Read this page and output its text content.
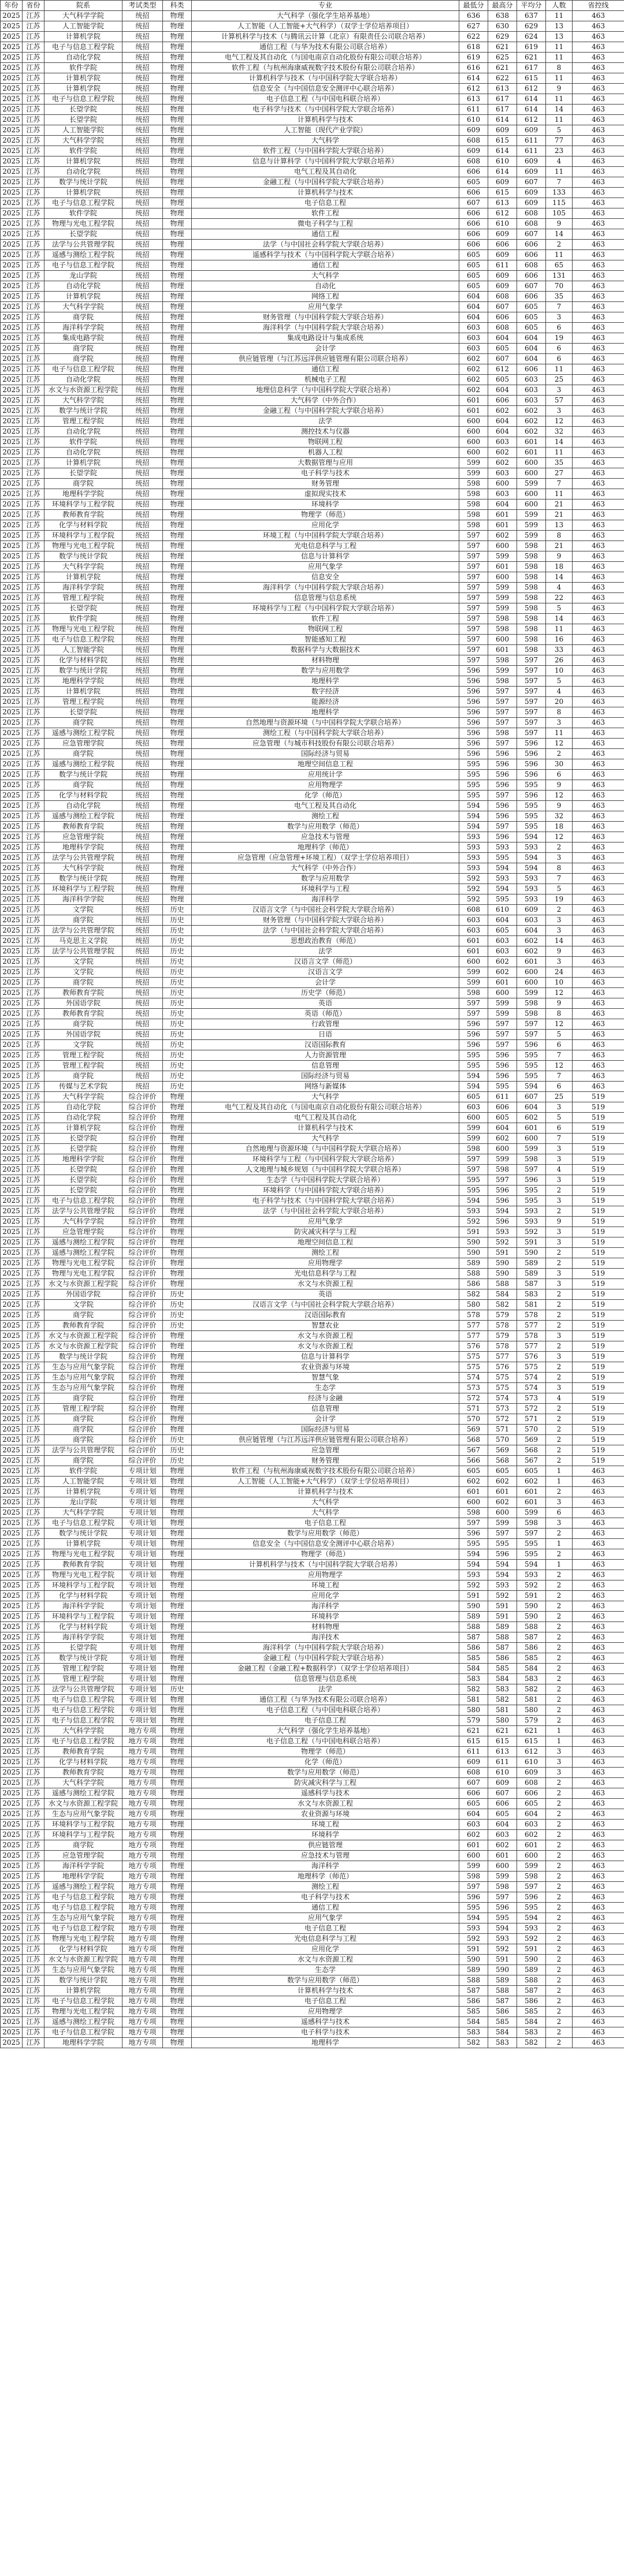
年份	省份	院系	考试类型	科类	专业	最低分	最高分	平均分	人数	省控线
2025	江苏	大气科学学院	统招	物理	大气科学（强化学生培养基地）	636	638	637	11	463
2025	江苏	人工智能学院	统招	物理	人工智能（人工智能+大气科学）（双学士学位培养项目）	627	630	629	13	463
2025	江苏	计算机学院	统招	物理	计算机科学与技术（与腾讯云计算（北京）有限责任公司联合培养）	622	629	624	13	463
2025	江苏	电子与信息工程学院	统招	物理	通信工程（与华为技术有限公司联合培养）	618	621	619	11	463
2025	江苏	自动化学院	统招	物理	电气工程及其自动化（与国电南京自动化股份有限公司联合培养）	619	625	621	11	463
2025	江苏	软件学院	统招	物理	软件工程（与杭州海康威视数字技术股份有限公司联合培养）	616	621	617	8	463
2025	江苏	计算机学院	统招	物理	计算机科学与技术（与中国科学院大学联合培养）	614	622	615	11	463
2025	江苏	计算机学院	统招	物理	信息安全（与中国信息安全测评中心联合培养）	612	613	612	9	463
2025	江苏	电子与信息工程学院	统招	物理	电子信息工程（与中国电科联合培养）	613	617	614	11	463
2025	江苏	长望学院	统招	物理	电子科学与技术（与中国科学院大学联合培养）	611	617	614	14	463
2025	江苏	长望学院	统招	物理	计算机科学与技术	610	614	612	11	463
2025	江苏	人工智能学院	统招	物理	人工智能（现代产业学院）	609	609	609	5	463
2025	江苏	大气科学学院	统招	物理	大气科学	608	615	611	77	463
2025	江苏	软件学院	统招	物理	软件工程（与中国科学院大学联合培养）	609	614	611	23	463
2025	江苏	计算机学院	统招	物理	信息与计算科学（与中国科学院大学联合培养）	608	610	609	4	463
2025	江苏	自动化学院	统招	物理	电气工程及其自动化	606	614	609	11	463
2025	江苏	数学与统计学院	统招	物理	金融工程（与中国科学院大学联合培养）	605	609	607	7	463
2025	江苏	计算机学院	统招	物理	计算机科学与技术	606	615	609	133	463
2025	江苏	电子与信息工程学院	统招	物理	电子信息工程	607	613	609	115	463
2025	江苏	软件学院	统招	物理	软件工程	606	612	608	105	463
2025	江苏	物理与光电工程学院	统招	物理	微电子科学与工程	606	610	608	9	463
2025	江苏	长望学院	统招	物理	通信工程	606	609	607	14	463
2025	江苏	法学与公共管理学院	统招	物理	法学（与中国社会科学院大学联合培养）	606	606	606	2	463
2025	江苏	遥感与测绘工程学院	统招	物理	遥感科学与技术（与中国科学院大学联合培养）	605	609	606	11	463
2025	江苏	电子与信息工程学院	统招	物理	通信工程	605	611	608	65	463
2025	江苏	龙山学院	统招	物理	大气科学	605	609	606	131	463
2025	江苏	自动化学院	统招	物理	自动化	605	609	607	70	463
2025	江苏	计算机学院	统招	物理	网络工程	604	608	606	35	463
2025	江苏	大气科学学院	统招	物理	应用气象学	604	607	605	7	463
2025	江苏	商学院	统招	物理	财务管理（与中国科学院大学联合培养）	604	606	605	3	463
2025	江苏	海洋科学学院	统招	物理	海洋科学（与中国科学院大学联合培养）	603	608	605	6	463
2025	江苏	集成电路学院	统招	物理	集成电路设计与集成系统	603	604	604	19	463
2025	江苏	商学院	统招	物理	会计学	603	605	604	6	463
2025	江苏	商学院	统招	物理	供应链管理（与江苏远洋供应链管理有限公司联合培养）	602	607	604	6	463
2025	江苏	电子与信息工程学院	统招	物理	通信工程	602	612	606	11	463
2025	江苏	自动化学院	统招	物理	机械电子工程	602	605	603	25	463
2025	江苏	水文与水资源工程学院	统招	物理	地理信息科学（与中国科学院大学联合培养）	602	604	603	3	463
2025	江苏	大气科学学院	统招	物理	大气科学（中外合作）	601	606	603	57	463
2025	江苏	数学与统计学院	统招	物理	金融工程（与中国科学院大学联合培养）	601	602	602	3	463
2025	江苏	管理工程学院	统招	物理	法学	600	604	602	12	463
2025	江苏	自动化学院	统招	物理	测控技术与仪器	600	604	602	32	463
2025	江苏	软件学院	统招	物理	物联网工程	600	603	601	14	463
2025	江苏	自动化学院	统招	物理	机器人工程	600	602	601	11	463
2025	江苏	计算机学院	统招	物理	大数据管理与应用	599	602	600	35	463
2025	江苏	长望学院	统招	物理	电子科学与技术	599	603	600	27	463
2025	江苏	商学院	统招	物理	财务管理	598	600	599	7	463
2025	江苏	地理科学学院	统招	物理	虚拟现实技术	598	603	600	11	463
2025	江苏	环境科学与工程学院	统招	物理	环境科学	598	604	600	21	463
2025	江苏	教师教育学院	统招	物理	物理学（师范）	598	601	599	21	463
2025	江苏	化学与材料学院	统招	物理	应用化学	598	601	599	13	463
2025	江苏	环境科学与工程学院	统招	物理	环境工程（与中国科学院大学联合培养）	597	602	599	8	463
2025	江苏	物理与光电工程学院	统招	物理	光电信息科学与工程	597	600	598	21	463
2025	江苏	数学与统计学院	统招	物理	信息与计算科学	597	599	598	9	463
2025	江苏	大气科学学院	统招	物理	应用气象学	597	601	598	18	463
2025	江苏	计算机学院	统招	物理	信息安全	597	600	598	14	463
2025	江苏	海洋科学学院	统招	物理	海洋科学（与中国科学院大学联合培养）	597	599	598	4	463
2025	江苏	管理工程学院	统招	物理	信息管理与信息系统	597	599	598	22	463
2025	江苏	长望学院	统招	物理	环境科学与工程（与中国科学院大学联合培养）	597	599	598	5	463
2025	江苏	软件学院	统招	物理	软件工程	597	598	598	14	463
2025	江苏	物理与光电工程学院	统招	物理	物联网工程	597	598	598	11	463
2025	江苏	电子与信息工程学院	统招	物理	智能感知工程	597	600	598	16	463
2025	江苏	人工智能学院	统招	物理	数据科学与大数据技术	597	601	598	33	463
2025	江苏	化学与材料学院	统招	物理	材料物理	597	598	597	26	463
2025	江苏	数学与统计学院	统招	物理	数学与应用数学	596	599	597	10	463
2025	江苏	地理科学学院	统招	物理	地理科学	596	598	597	5	463
2025	江苏	计算机学院	统招	物理	数字经济	596	597	597	4	463
2025	江苏	管理工程学院	统招	物理	能源经济	596	597	597	20	463
2025	江苏	长望学院	统招	物理	地理科学	596	597	597	8	463
2025	江苏	商学院	统招	物理	自然地理与资源环境（与中国科学院大学联合培养）	596	597	597	3	463
2025	江苏	遥感与测绘工程学院	统招	物理	测绘工程（与中国科学院大学联合培养）	596	598	597	11	463
2025	江苏	应急管理学院	统招	物理	应急管理（与城市科技股份有限公司联合培养）	596	597	596	12	463
2025	江苏	商学院	统招	物理	国际经济与贸易	596	596	596	2	463
2025	江苏	遥感与测绘工程学院	统招	物理	地理空间信息工程	595	596	596	30	463
2025	江苏	数学与统计学院	统招	物理	应用统计学	595	596	596	6	463
2025	江苏	商学院	统招	物理	应用物理学	595	596	595	9	463
2025	江苏	化学与材料学院	统招	物理	化学（师范）	595	597	596	12	463
2025	江苏	自动化学院	统招	物理	电气工程及其自动化	594	596	595	9	463
2025	江苏	遥感与测绘工程学院	统招	物理	测绘工程	594	596	595	32	463
2025	江苏	教师教育学院	统招	物理	数学与应用数学（师范）	594	597	595	18	463
2025	江苏	应急管理学院	统招	物理	应急技术与管理	593	596	594	12	463
2025	江苏	地理科学学院	统招	物理	地理科学（师范）	593	593	593	2	463
2025	江苏	法学与公共管理学院	统招	物理	应急管理（应急管理+环境工程）（双学士学位培养项目）	593	595	594	3	463
2025	江苏	大气科学学院	统招	物理	大气科学（中外合作）	593	594	594	8	463
2025	江苏	数学与统计学院	统招	物理	数学与应用数学	592	593	593	7	463
2025	江苏	环境科学与工程学院	统招	物理	环境科学与工程	592	594	593	5	463
2025	江苏	海洋科学学院	统招	物理	海洋科学	592	595	593	19	463
2025	江苏	文学院	统招	历史	汉语言文学（与中国社会科学院大学联合培养）	608	610	609	2	463
2025	江苏	商学院	统招	历史	财务管理（与中国科学院大学联合培养）	603	604	603	3	463
2025	江苏	法学与公共管理学院	统招	历史	法学（与中国社会科学院大学联合培养）	603	605	604	3	463
2025	江苏	马克思主义学院	统招	历史	思想政治教育（师范）	601	603	602	14	463
2025	江苏	法学与公共管理学院	统招	历史	法学	601	603	602	9	463
2025	江苏	文学院	统招	历史	汉语言文学（师范）	600	602	601	3	463
2025	江苏	文学院	统招	历史	汉语言文学	599	602	600	24	463
2025	江苏	商学院	统招	历史	会计学	599	601	600	10	463
2025	江苏	教师教育学院	统招	历史	历史学（师范）	598	600	599	12	463
2025	江苏	外国语学院	统招	历史	英语	597	599	598	9	463
2025	江苏	教师教育学院	统招	历史	英语（师范）	597	599	598	8	463
2025	江苏	商学院	统招	历史	行政管理	596	597	597	12	463
2025	江苏	外国语学院	统招	历史	日语	596	597	597	5	463
2025	江苏	文学院	统招	历史	汉语国际教育	596	597	596	6	463
2025	江苏	管理工程学院	统招	历史	人力资源管理	595	596	595	7	463
2025	江苏	管理工程学院	统招	历史	信息管理	595	596	595	12	463
2025	江苏	商学院	统招	历史	国际经济与贸易	594	596	595	7	463
2025	江苏	传媒与艺术学院	统招	历史	网络与新媒体	594	595	594	6	463
2025	江苏	大气科学学院	综合评价	物理	大气科学	605	611	607	25	519
2025	江苏	自动化学院	综合评价	物理	电气工程及其自动化（与国电南京自动化股份有限公司联合培养）	603	606	604	3	519
2025	江苏	自动化学院	综合评价	物理	电气工程及其自动化	600	605	602	5	519
2025	江苏	计算机学院	综合评价	物理	计算机科学与技术	599	604	601	6	519
2025	江苏	长望学院	综合评价	物理	大气科学	599	602	600	7	519
2025	江苏	长望学院	综合评价	物理	自然地理与资源环境（与中国科学院大学联合培养）	598	600	599	3	519
2025	江苏	地理科学学院	综合评价	物理	环境科学与工程（与中国科学院大学联合培养）	597	599	598	3	519
2025	江苏	长望学院	综合评价	物理	人文地理与城乡规划（与中国科学院大学联合培养）	597	598	597	4	519
2025	江苏	长望学院	综合评价	物理	生态学（与中国科学院大学联合培养）	595	597	596	3	519
2025	江苏	长望学院	综合评价	物理	环境科学（与中国科学院大学联合培养）	595	596	595	2	519
2025	江苏	电子与信息工程学院	综合评价	物理	电子科学与技术（与中国科学院大学联合培养）	594	596	595	3	519
2025	江苏	法学与公共管理学院	综合评价	物理	法学（与中国社会科学院大学联合培养）	593	594	593	2	519
2025	江苏	大气科学学院	综合评价	物理	应用气象学	592	596	593	9	519
2025	江苏	应急管理学院	综合评价	物理	防灾减灾科学与工程	591	593	592	3	519
2025	江苏	遥感与测绘工程学院	综合评价	物理	地理空间信息工程	590	592	591	3	519
2025	江苏	遥感与测绘工程学院	综合评价	物理	测绘工程	590	591	590	2	519
2025	江苏	物理与光电工程学院	综合评价	物理	应用物理学	589	590	589	2	519
2025	江苏	物理与光电工程学院	综合评价	物理	光电信息科学与工程	588	590	589	3	519
2025	江苏	水文与水资源工程学院	综合评价	物理	水文与水资源工程	586	588	587	3	519
2025	江苏	外国语学院	综合评价	历史	英语	582	584	583	2	519
2025	江苏	文学院	综合评价	历史	汉语言文学（与中国社会科学院大学联合培养）	580	582	581	2	519
2025	江苏	商学院	综合评价	历史	汉语国际教育	578	579	578	2	519
2025	江苏	教师教育学院	综合评价	历史	智慧农业	577	578	577	2	519
2025	江苏	水文与水资源工程学院	综合评价	物理	水文与水资源工程	577	579	578	3	519
2025	江苏	水文与水资源工程学院	综合评价	物理	水文与水资源工程	576	578	577	2	519
2025	江苏	数学与统计学院	综合评价	物理	信息与计算科学	575	577	576	3	519
2025	江苏	生态与应用气象学院	综合评价	物理	农业资源与环境	575	576	575	2	519
2025	江苏	生态与应用气象学院	综合评价	物理	智慧气象	574	575	574	2	519
2025	江苏	生态与应用气象学院	综合评价	物理	生态学	573	575	574	3	519
2025	江苏	商学院	综合评价	物理	经济与金融	572	574	573	4	519
2025	江苏	管理工程学院	综合评价	物理	信息管理	571	573	572	2	519
2025	江苏	商学院	综合评价	物理	会计学	570	572	571	2	519
2025	江苏	商学院	综合评价	物理	国际经济与贸易	569	571	570	2	519
2025	江苏	商学院	综合评价	历史	供应链管理（与江苏远洋供应链管理有限公司联合培养）	568	570	569	2	519
2025	江苏	法学与公共管理学院	综合评价	历史	应急管理	567	569	568	2	519
2025	江苏	商学院	综合评价	历史	财务管理	566	568	567	2	519
2025	江苏	软件学院	专项计划	物理	软件工程（与杭州海康威视数字技术股份有限公司联合培养）	605	605	605	1	463
2025	江苏	人工智能学院	专项计划	物理	人工智能（人工智能+大气科学）（双学士学位培养项目）	602	602	602	1	463
2025	江苏	计算机学院	专项计划	物理	计算机科学与技术	601	601	601	2	463
2025	江苏	龙山学院	专项计划	物理	大气科学	600	602	601	3	463
2025	江苏	大气科学学院	专项计划	物理	大气科学	598	600	599	6	463
2025	江苏	电子与信息工程学院	专项计划	物理	电子信息工程	597	599	598	3	463
2025	江苏	数学与统计学院	专项计划	物理	数学与应用数学（师范）	596	597	597	2	463
2025	江苏	计算机学院	专项计划	物理	信息安全（与中国信息安全测评中心联合培养）	595	595	595	1	463
2025	江苏	物理与光电工程学院	专项计划	物理	物理学（师范）	594	596	595	2	463
2025	江苏	教师教育学院	专项计划	物理	计算机科学与技术（与中国科学院大学联合培养）	594	594	594	1	463
2025	江苏	物理与光电工程学院	专项计划	物理	应用物理学	593	594	593	2	463
2025	江苏	环境科学与工程学院	专项计划	物理	环境工程	592	593	592	2	463
2025	江苏	化学与材料学院	专项计划	物理	应用化学	591	592	591	2	463
2025	江苏	海洋科学学院	专项计划	物理	海洋科学	590	591	590	2	463
2025	江苏	环境科学与工程学院	专项计划	物理	环境科学	589	591	590	2	463
2025	江苏	化学与材料学院	专项计划	物理	材料物理	588	589	588	2	463
2025	江苏	海洋科学学院	专项计划	物理	海洋技术	587	588	587	2	463
2025	江苏	长望学院	专项计划	物理	海洋科学（与中国科学院大学联合培养）	586	587	586	2	463
2025	江苏	数学与统计学院	专项计划	物理	金融工程（与中国科学院大学联合培养）	585	586	585	2	463
2025	江苏	管理工程学院	专项计划	物理	金融工程（金融工程+数据科学）（双学士学位培养项目）	584	585	584	2	463
2025	江苏	管理工程学院	专项计划	物理	信息管理与信息系统	583	584	583	2	463
2025	江苏	法学与公共管理学院	专项计划	历史	法学	582	583	582	2	463
2025	江苏	电子与信息工程学院	专项计划	物理	通信工程（与华为技术有限公司联合培养）	581	582	581	2	463
2025	江苏	电子与信息工程学院	专项计划	物理	电子信息工程（与中国电科联合培养）	580	581	580	2	463
2025	江苏	电子与信息工程学院	专项计划	物理	电子信息工程	579	580	579	2	463
2025	江苏	大气科学学院	地方专项	物理	大气科学（强化学生培养基地）	621	621	621	1	463
2025	江苏	电子与信息工程学院	地方专项	物理	电子信息工程（与中国电科联合培养）	615	615	615	1	463
2025	江苏	教师教育学院	地方专项	物理	物理学（师范）	611	613	612	3	463
2025	江苏	化学与材料学院	地方专项	物理	化学（师范）	609	611	610	3	463
2025	江苏	教师教育学院	地方专项	物理	数学与应用数学（师范）	608	610	609	3	463
2025	江苏	大气科学学院	地方专项	物理	防灾减灾科学与工程	607	609	608	2	463
2025	江苏	遥感与测绘工程学院	地方专项	物理	遥感科学与技术	606	607	606	2	463
2025	江苏	水文与水资源工程学院	地方专项	物理	水文与水资源工程	605	606	605	2	463
2025	江苏	生态与应用气象学院	地方专项	物理	农业资源与环境	604	605	604	2	463
2025	江苏	环境科学与工程学院	地方专项	物理	环境工程	603	604	603	2	463
2025	江苏	环境科学与工程学院	地方专项	物理	环境科学	602	603	602	2	463
2025	江苏	商学院	地方专项	物理	供应链管理	601	602	601	2	463
2025	江苏	应急管理学院	地方专项	物理	应急技术与管理	600	601	600	2	463
2025	江苏	海洋科学学院	地方专项	物理	海洋科学	599	600	599	2	463
2025	江苏	地理科学学院	地方专项	物理	地理科学（师范）	598	599	598	2	463
2025	江苏	遥感与测绘工程学院	地方专项	物理	测绘工程	597	598	597	2	463
2025	江苏	电子与信息工程学院	地方专项	物理	电子科学与技术	596	597	596	2	463
2025	江苏	电子与信息工程学院	地方专项	物理	通信工程	595	596	595	2	463
2025	江苏	生态与应用气象学院	地方专项	物理	应用气象学	594	595	594	2	463
2025	江苏	电子与信息工程学院	地方专项	物理	电子信息工程	593	594	593	2	463
2025	江苏	物理与光电工程学院	地方专项	物理	光电信息科学与工程	592	593	592	2	463
2025	江苏	化学与材料学院	地方专项	物理	应用化学	591	592	591	2	463
2025	江苏	水文与水资源工程学院	地方专项	物理	水文与水资源工程	590	591	590	2	463
2025	江苏	生态与应用气象学院	地方专项	物理	生态学	589	590	589	2	463
2025	江苏	数学与统计学院	地方专项	物理	数学与应用数学（师范）	588	589	588	2	463
2025	江苏	计算机学院	地方专项	物理	计算机科学与技术	587	588	587	2	463
2025	江苏	电子与信息工程学院	地方专项	物理	电子信息工程	586	587	586	2	463
2025	江苏	物理与光电工程学院	地方专项	物理	应用物理学	585	586	585	2	463
2025	江苏	遥感与测绘工程学院	地方专项	物理	遥感科学与技术	584	585	584	2	463
2025	江苏	电子与信息工程学院	地方专项	物理	电子科学与技术	583	584	583	2	463
2025	江苏	地理科学学院	地方专项	物理	地理科学	582	583	582	2	463
